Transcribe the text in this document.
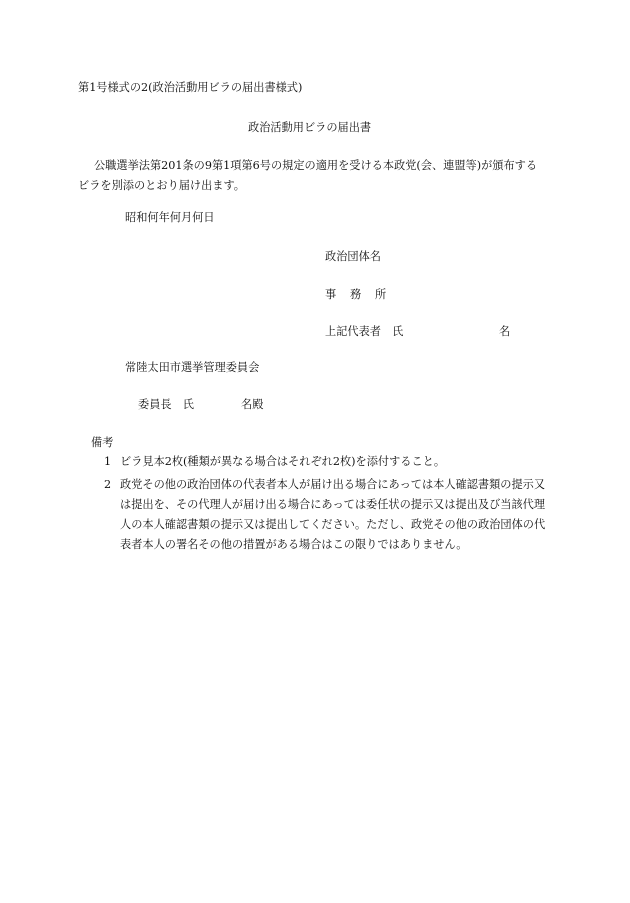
第1号様式の2(政治活動用ビラの届出書様式)
政治活動用ビラの届出書
公職選挙法第201条の9第1項第6号の規定の適用を受ける本政党(会、連盟等)が頒布するビラを別添のとおり届け出ます。
昭和何年何月何日
政治団体名
事 務 所
上記代表者　氏	名
常陸太田市選挙管理委員会
委員長　氏	名殿
備考
1 ビラ見本2枚(種類が異なる場合はそれぞれ2枚)を添付すること。
2 政党その他の政治団体の代表者本人が届け出る場合にあっては本人確認書類の提示又は提出を、その代理人が届け出る場合にあっては委任状の提示又は提出及び当該代理人の本人確認書類の提示又は提出してください。ただし、政党その他の政治団体の代表者本人の署名その他の措置がある場合はこの限りではありません。
